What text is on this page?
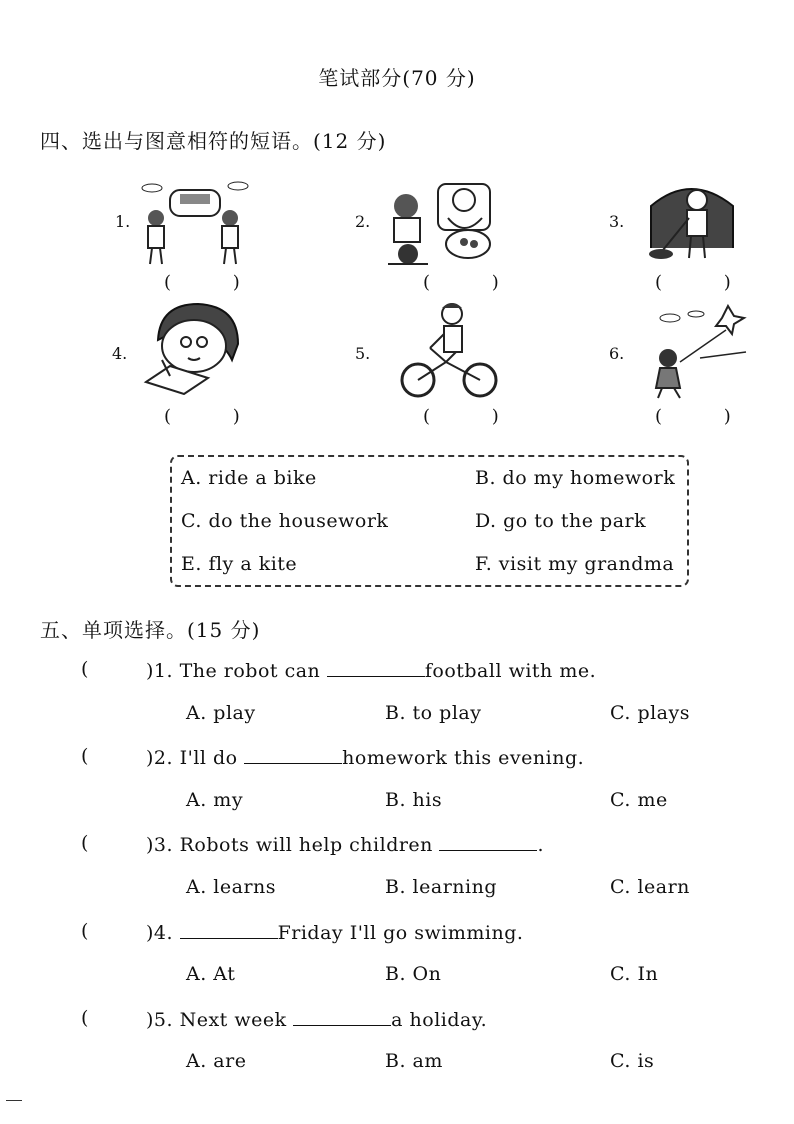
笔试部分(70 分)
四、选出与图意相符的短语。(12 分)
1.
( )
2.
( )
3.
( )
4.
( )
5.
( )
6.
( )
A. ride a bike	B. do my homework
C. do the housework	D. go to the park
E. fly a kite	F. visit my grandma
五、单项选择。(15 分)
(	)1. The robot can	football with me.
A. play	B. to play	C. plays
(	)2. I'll do	homework this evening.
A. my	B. his	C. me
(	)3. Robots will help children	.
A. learns	B. learning	C. learn
(	)4.	Friday I'll go swimming.
A. At	B. On	C. In
(	)5. Next week	a holiday.
A. are	B. am	C. is
